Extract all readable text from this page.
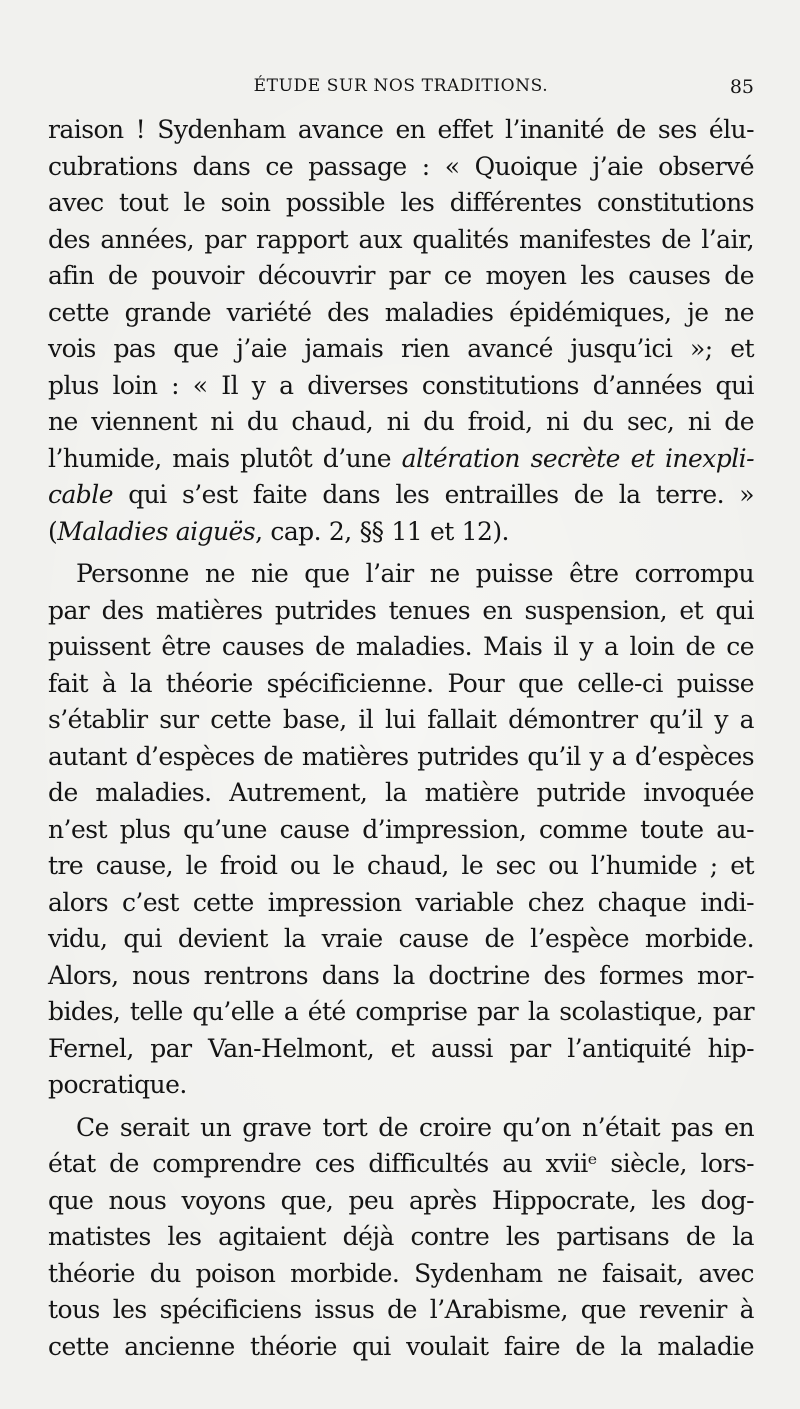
ÉTUDE SUR NOS TRADITIONS.	85
raison ! Sydenham avance en effet l’inanité de ses élu-
cubrations dans ce passage : « Quoique j’aie observé
avec tout le soin possible les différentes constitutions
des années, par rapport aux qualités manifestes de l’air,
afin de pouvoir découvrir par ce moyen les causes de
cette grande variété des maladies épidémiques, je ne
vois pas que j’aie jamais rien avancé jusqu’ici »; et
plus loin : « Il y a diverses constitutions d’années qui
ne viennent ni du chaud, ni du froid, ni du sec, ni de
l’humide, mais plutôt d’une altération secrète et inexpli-
cable qui s’est faite dans les entrailles de la terre. »
(Maladies aiguës, cap. 2, §§ 11 et 12).
Personne ne nie que l’air ne puisse être corrompu
par des matières putrides tenues en suspension, et qui
puissent être causes de maladies. Mais il y a loin de ce
fait à la théorie spécificienne. Pour que celle-ci puisse
s’établir sur cette base, il lui fallait démontrer qu’il y a
autant d’espèces de matières putrides qu’il y a d’espèces
de maladies. Autrement, la matière putride invoquée
n’est plus qu’une cause d’impression, comme toute au-
tre cause, le froid ou le chaud, le sec ou l’humide ; et
alors c’est cette impression variable chez chaque indi-
vidu, qui devient la vraie cause de l’espèce morbide.
Alors, nous rentrons dans la doctrine des formes mor-
bides, telle qu’elle a été comprise par la scolastique, par
Fernel, par Van-Helmont, et aussi par l’antiquité hip-
pocratique.
Ce serait un grave tort de croire qu’on n’était pas en
état de comprendre ces difficultés au xviiᵉ siècle, lors-
que nous voyons que, peu après Hippocrate, les dog-
matistes les agitaient déjà contre les partisans de la
théorie du poison morbide. Sydenham ne faisait, avec
tous les spécificiens issus de l’Arabisme, que revenir à
cette ancienne théorie qui voulait faire de la maladie
